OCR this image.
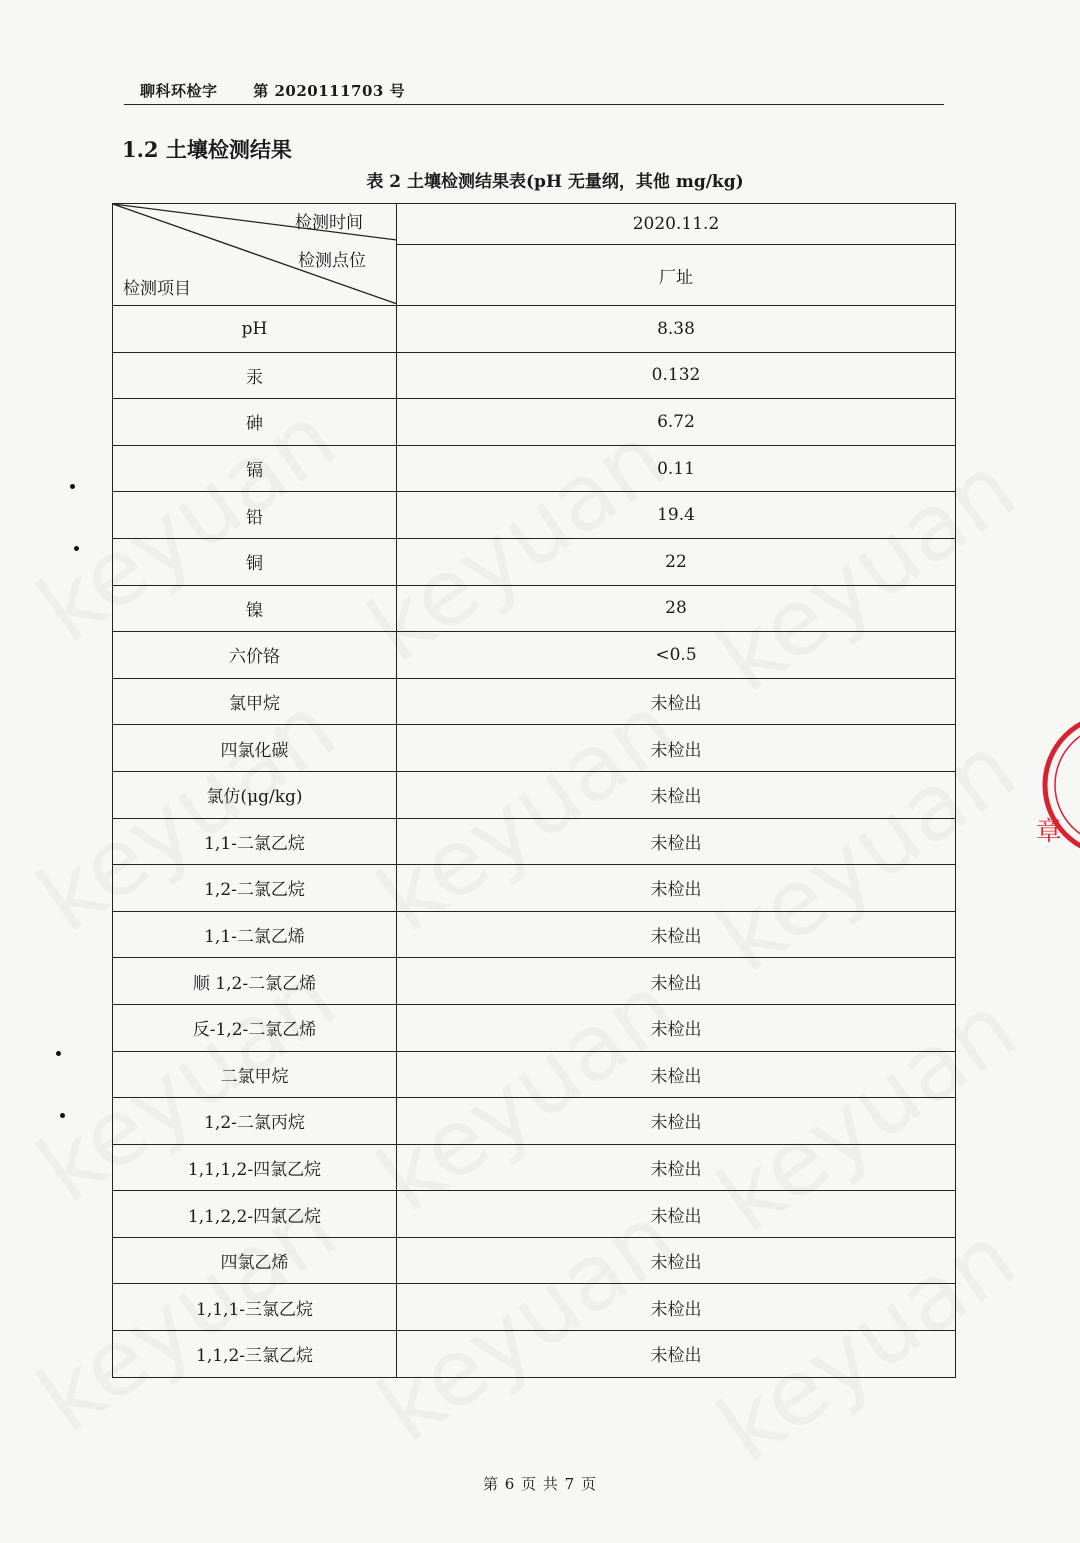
聊科环检字 第 2020111703 号
1.2 土壤检测结果
表 2 土壤检测结果表(pH 无量纲，其他 mg/kg)
检测时间
检测点位
检测项目	2020.11.2
	厂址
pH	8.38
汞	0.132
砷	6.72
镉	0.11
铅	19.4
铜	22
镍	28
六价铬	<0.5
氯甲烷	未检出
四氯化碳	未检出
氯仿(μg/kg)	未检出
1,1-二氯乙烷	未检出
1,2-二氯乙烷	未检出
1,1-二氯乙烯	未检出
顺 1,2-二氯乙烯	未检出
反-1,2-二氯乙烯	未检出
二氯甲烷	未检出
1,2-二氯丙烷	未检出
1,1,1,2-四氯乙烷	未检出
1,1,2,2-四氯乙烷	未检出
四氯乙烯	未检出
1,1,1-三氯乙烷	未检出
1,1,2-三氯乙烷	未检出
第 6 页 共 7 页
章
